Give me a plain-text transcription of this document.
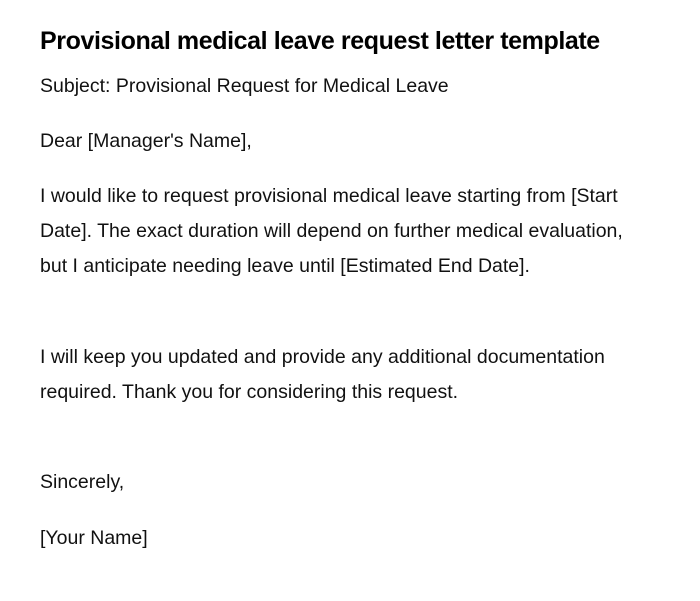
Provisional medical leave request letter template

Subject: Provisional Request for Medical Leave

Dear [Manager's Name],

I would like to request provisional medical leave starting from [Start Date]. The exact duration will depend on further medical evaluation, but I anticipate needing leave until [Estimated End Date].

I will keep you updated and provide any additional documentation required. Thank you for considering this request.

Sincerely,

[Your Name]
